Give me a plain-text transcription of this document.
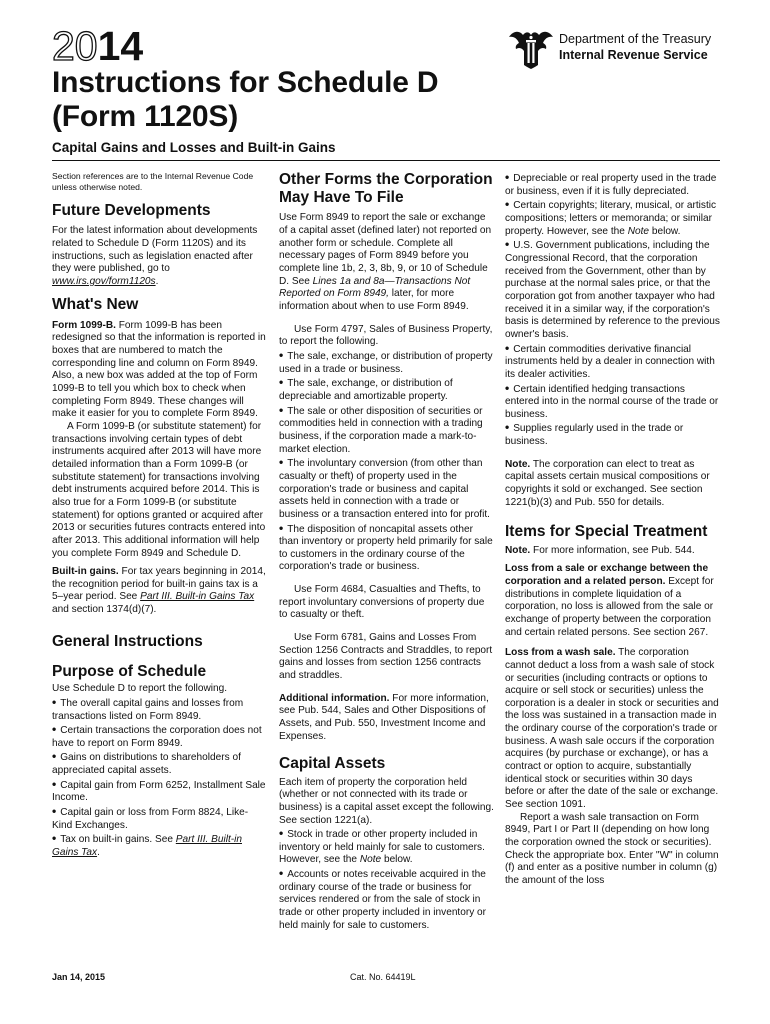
2014	Department of the Treasury
Internal Revenue Service
Instructions for Schedule D
(Form 1120S)
Capital Gains and Losses and Built-in Gains

Section references are to the Internal Revenue Code unless otherwise noted.

Future Developments

For the latest information about developments related to Schedule D (Form 1120S) and its instructions, such as legislation enacted after they were published, go to www.irs.gov/form1120s.

What's New

Form 1099-B. Form 1099-B has been redesigned so that the information is reported in boxes that are numbered to match the corresponding line and column on Form 8949. Also, a new box was added at the top of Form 1099-B to tell you which box to check when completing Form 8949. These changes will make it easier for you to complete Form 8949.

A Form 1099-B (or substitute statement) for transactions involving certain types of debt instruments acquired after 2013 will have more detailed information than a Form 1099-B (or substitute statement) for transactions involving debt instruments acquired before 2014. This is also true for a Form 1099-B (or substitute statement) for options granted or acquired after 2013 or securities futures contracts entered into after 2013. This additional information will help you complete Form 8949 and Schedule D.

Built-in gains. For tax years beginning in 2014, the recognition period for built-in gains tax is a 5–year period. See Part III. Built-in Gains Tax and section 1374(d)(7).

General Instructions
Purpose of Schedule

Use Schedule D to report the following.

• The overall capital gains and losses from transactions listed on Form 8949.
• Certain transactions the corporation does not have to report on Form 8949.
• Gains on distributions to shareholders of appreciated capital assets.
• Capital gain from Form 6252, Installment Sale Income.
• Capital gain or loss from Form 8824, Like-Kind Exchanges.
• Tax on built-in gains. See Part III. Built-in Gains Tax.
Other Forms the Corporation May Have To File

Use Form 8949 to report the sale or exchange of a capital asset (defined later) not reported on another form or schedule. Complete all necessary pages of Form 8949 before you complete line 1b, 2, 3, 8b, 9, or 10 of Schedule D. See Lines 1a and 8a—Transactions Not Reported on Form 8949, later, for more information about when to use Form 8949.

Use Form 4797, Sales of Business Property, to report the following.

• The sale, exchange, or distribution of property used in a trade or business.
• The sale, exchange, or distribution of depreciable and amortizable property.
• The sale or other disposition of securities or commodities held in connection with a trading business, if the corporation made a mark-to-market election.
• The involuntary conversion (from other than casualty or theft) of property used in the corporation's trade or business and capital assets held in connection with a trade or business or a transaction entered into for profit.
• The disposition of noncapital assets other than inventory or property held primarily for sale to customers in the ordinary course of the corporation's trade or business.

Use Form 4684, Casualties and Thefts, to report involuntary conversions of property due to casualty or theft.

Use Form 6781, Gains and Losses From Section 1256 Contracts and Straddles, to report gains and losses from section 1256 contracts and straddles.

Additional information. For more information, see Pub. 544, Sales and Other Dispositions of Assets, and Pub. 550, Investment Income and Expenses.

Capital Assets

Each item of property the corporation held (whether or not connected with its trade or business) is a capital asset except the following. See section 1221(a).

• Stock in trade or other property included in inventory or held mainly for sale to customers. However, see the Note below.
• Accounts or notes receivable acquired in the ordinary course of the trade or business for services rendered or from the sale of stock in trade or other property included in inventory or held mainly for sale to customers.
• Depreciable or real property used in the trade or business, even if it is fully depreciated.
• Certain copyrights; literary, musical, or artistic compositions; letters or memoranda; or similar property. However, see the Note below.
• U.S. Government publications, including the Congressional Record, that the corporation received from the Government, other than by purchase at the normal sales price, or that the corporation got from another taxpayer who had received it in a similar way, if the corporation's basis is determined by reference to the previous owner's basis.
• Certain commodities derivative financial instruments held by a dealer in connection with its dealer activities.
• Certain identified hedging transactions entered into in the normal course of the trade or business.
• Supplies regularly used in the trade or business.

Note. The corporation can elect to treat as capital assets certain musical compositions or copyrights it sold or exchanged. See section 1221(b)(3) and Pub. 550 for details.

Items for Special Treatment

Note. For more information, see Pub. 544.

Loss from a sale or exchange between the corporation and a related person. Except for distributions in complete liquidation of a corporation, no loss is allowed from the sale or exchange of property between the corporation and certain related persons. See section 267.

Loss from a wash sale. The corporation cannot deduct a loss from a wash sale of stock or securities (including contracts or options to acquire or sell stock or securities) unless the corporation is a dealer in stock or securities and the loss was sustained in a transaction made in the ordinary course of the corporation's trade or business. A wash sale occurs if the corporation acquires (by purchase or exchange), or has a contract or option to acquire, substantially identical stock or securities within 30 days before or after the date of the sale or exchange. See section 1091.

Report a wash sale transaction on Form 8949, Part I or Part II (depending on how long the corporation owned the stock or securities). Check the appropriate box. Enter "W" in column (f) and enter as a positive number in column (g) the amount of the loss

Jan 14, 2015	Cat. No. 64419L
